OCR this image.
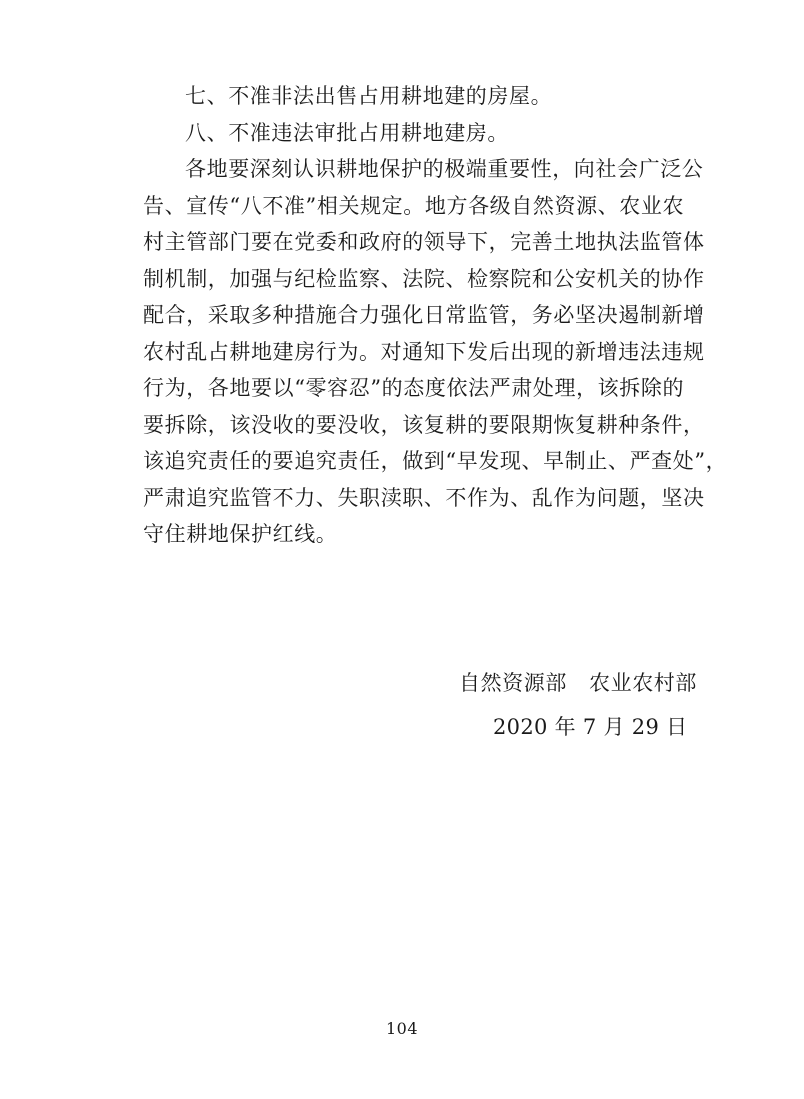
七、不准非法出售占用耕地建的房屋。
八、不准违法审批占用耕地建房。
各地要深刻认识耕地保护的极端重要性，向社会广泛公
告、宣传“八不准”相关规定。地方各级自然资源、农业农
村主管部门要在党委和政府的领导下，完善土地执法监管体
制机制，加强与纪检监察、法院、检察院和公安机关的协作
配合，采取多种措施合力强化日常监管，务必坚决遏制新增
农村乱占耕地建房行为。对通知下发后出现的新增违法违规
行为，各地要以“零容忍”的态度依法严肃处理，该拆除的
要拆除，该没收的要没收，该复耕的要限期恢复耕种条件，
该追究责任的要追究责任，做到“早发现、早制止、严查处”，
严肃追究监管不力、失职渎职、不作为、乱作为问题，坚决
守住耕地保护红线。
自然资源部 农业农村部
2020 年 7 月 29 日
104
